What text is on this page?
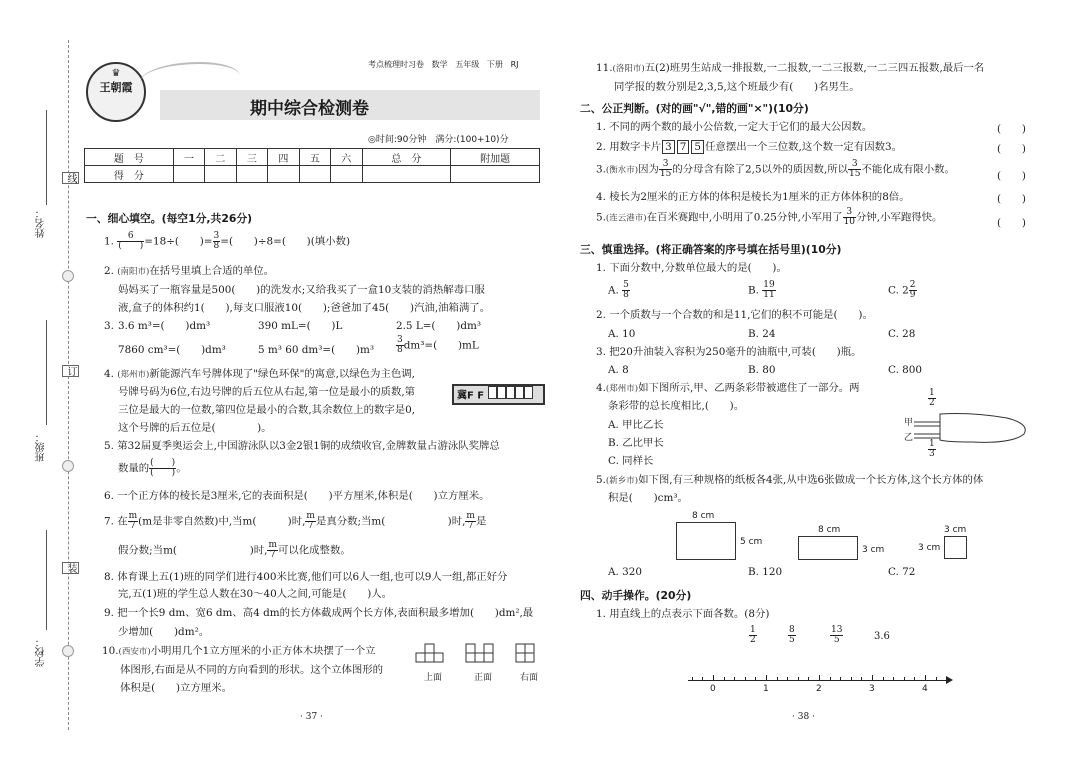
线
订
装
姓名：
班级：
学校：
♛
王朝霞
考点梳理时习卷 数学 五年级 下册 RJ
期中综合检测卷
◎时间:90分钟　满分:(100+10)分
题　号	一	二	三	四	五	六	总　分	附加题
得　分								
一、细心填空。(每空1分,共26分)
1. $\frac{6}{( )} =18\div$(　　)= $\frac{3}{8}$ =(　　)÷8=(　　)(填小数)
2. (南阳市)在括号里填上合适的单位。
妈妈买了一瓶容量是500(　　)的洗发水;又给我买了一盒10支装的消热解毒口服
液,盒子的体积约1(　　),每支口服液10(　　);爸爸加了45(　　)汽油,油箱满了。
3. 3.6 m³=(　　)dm³	390 mL=(　　)L	2.5 L=(　　)dm³
7860 cm³=(　　)dm³	5 m³ 60 dm³=(　　)$m^3 \frac{3}{8} dm^3=$(　　)mL
4. (郑州市)新能源汽车号牌体现了"绿色环保"的寓意,以绿色为主色调,
号牌号码为6位,右边号牌的后五位从右起,第一位是最小的质数,第
三位是最大的一位数,第四位是最小的合数,其余数位上的数字是0,
这个号牌的后五位是(　　　　)。
冀F F
5. 第32届夏季奥运会上,中国游泳队以3金2银1铜的成绩收官,金牌数量占游泳队奖牌总
数量的 $\frac{( )}{( )}$ 。
6. 一个正方体的棱长是3厘米,它的表面积是(　　)平方厘米,体积是(　　)立方厘米。
7. 在 $\frac{m}{7} (m$是非零自然数)中,当m(　　　)时, $\frac{m}{7}$ 是真分数;当m(　　　　　　)时, $\frac{m}{7}$ 是
假分数;当m(　　　　　　　)时, $\frac{m}{7}$ 可以化成整数。
8. 体育课上五(1)班的同学们进行400米比赛,他们可以6人一组,也可以9人一组,都正好分
完,五(1)班的学生总人数在30～40人之间,可能是(　　)人。
9. 把一个长9 dm、宽6 dm、高4 dm的长方体截成两个长方体,表面积最多增加(　　)dm²,最
少增加(　　)dm²。
10.(西安市)小明用几个1立方厘米的小正方体木块摆了一个立
体图形,右面是从不同的方向看到的形状。这个立体图形的
体积是(　　)立方厘米。
上面	正面	右面
· 37 ·
11.(洛阳市)五(2)班男生站成一排报数,一二报数,一二三报数,一二三四五报数,最后一名
同学报的数分别是2,3,5,这个班最少有(　　)名男生。
二、公正判断。(对的画"√",错的画"×")(10分)
1. 不同的两个数的最小公倍数,一定大于它们的最大公因数。
2. 用数字卡片 3 7 5 任意摆出一个三位数,这个数一定有因数3。
3.(衡水市)因为 $\frac{3}{15}$ 的分母含有除了2,5以外的质因数,所以 $\frac{3}{15}$ 不能化成有限小数。
4. 棱长为2厘米的正方体的体积是棱长为1厘米的正方体体积的8倍。
5.(连云港市)在百米赛跑中,小明用了0.25分钟,小军用了 $\frac{3}{10}$ 分钟,小军跑得快。
(　　)
(　　)
(　　)
(　　)
(　　)
三、慎重选择。(将正确答案的序号填在括号里)(10分)
1. 下面分数中,分数单位最大的是(　　)。
A. $\frac{5}{8}$	B. $\frac{19}{11}$	C. $2 \frac{2}{9}$
2. 一个质数与一个合数的和是11,它们的积不可能是(　　)。
A. 10	B. 24	C. 28
3. 把20升油装入容积为250毫升的油瓶中,可装(　　)瓶。
A. 8	B. 80	C. 800
4.(郑州市)如下图所示,甲、乙两条彩带被遮住了一部分。两
条彩带的总长度相比,(　　)。
A. 甲比乙长
B. 乙比甲长
C. 同样长
$\frac{1}{2}$
甲
乙
$\frac{1}{3}$
5.(新乡市)如下图,有三种规格的纸板各4张,从中选6张做成一个长方体,这个长方体的体
积是(　　)cm³。
8 cm
5 cm
8 cm
3 cm
3 cm
3 cm
A. 320	B. 120	C. 72
四、动手操作。(20分)
1. 用直线上的点表示下面各数。(8分)
$\frac{1}{2}$	$\frac{8}{5}$	$\frac{13}{5}$	3.6
0	1	2	3	4
· 38 ·
